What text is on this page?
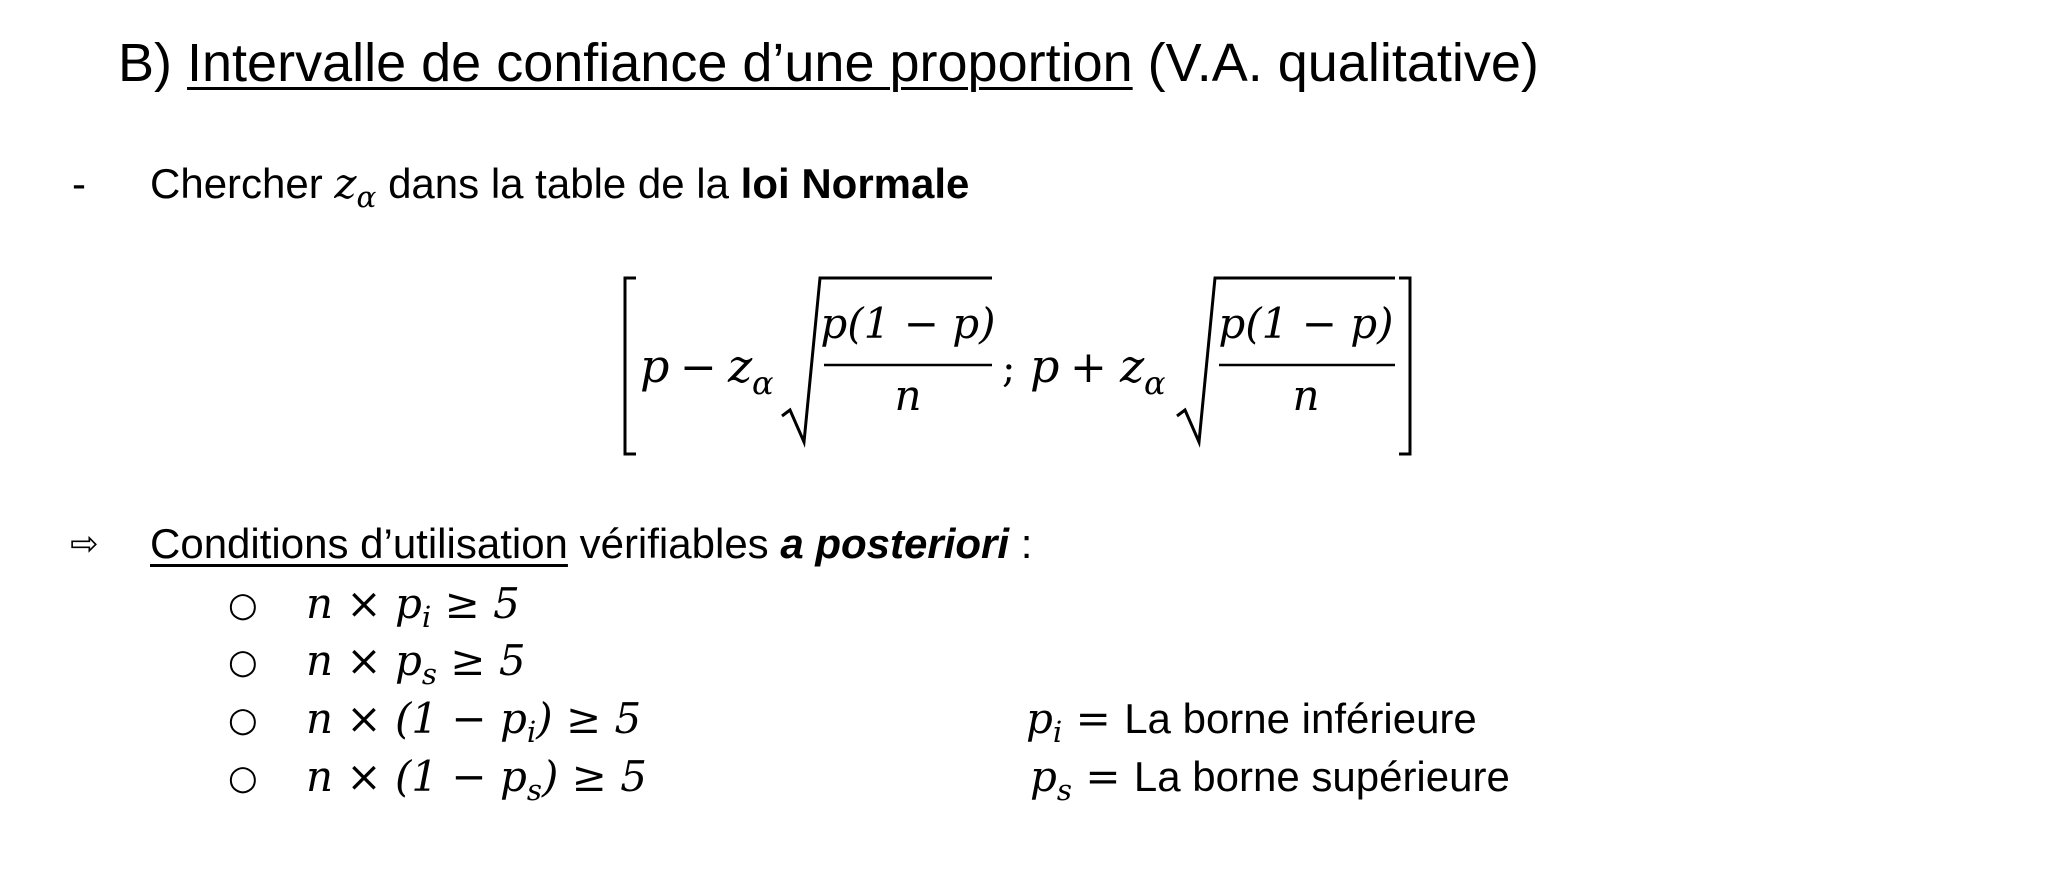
B) Intervalle de confiance d’une proportion (V.A. qualitative)
- Chercher $z_\alpha$ dans la table de la loi Normale
p − z α
p(1 − p)
n
; p + z α
p(1 − p)
n
⇨ Conditions d’utilisation vérifiables a posteriori :
○ $n \times p_i \ge 5$
○ $n \times p_s \ge 5$
○ $n \times (1 - p_i) \ge 5$
○ $n \times (1 - p_s) \ge 5$
$p_i = La$ borne inférieure
$p_s = La$ borne supérieure
